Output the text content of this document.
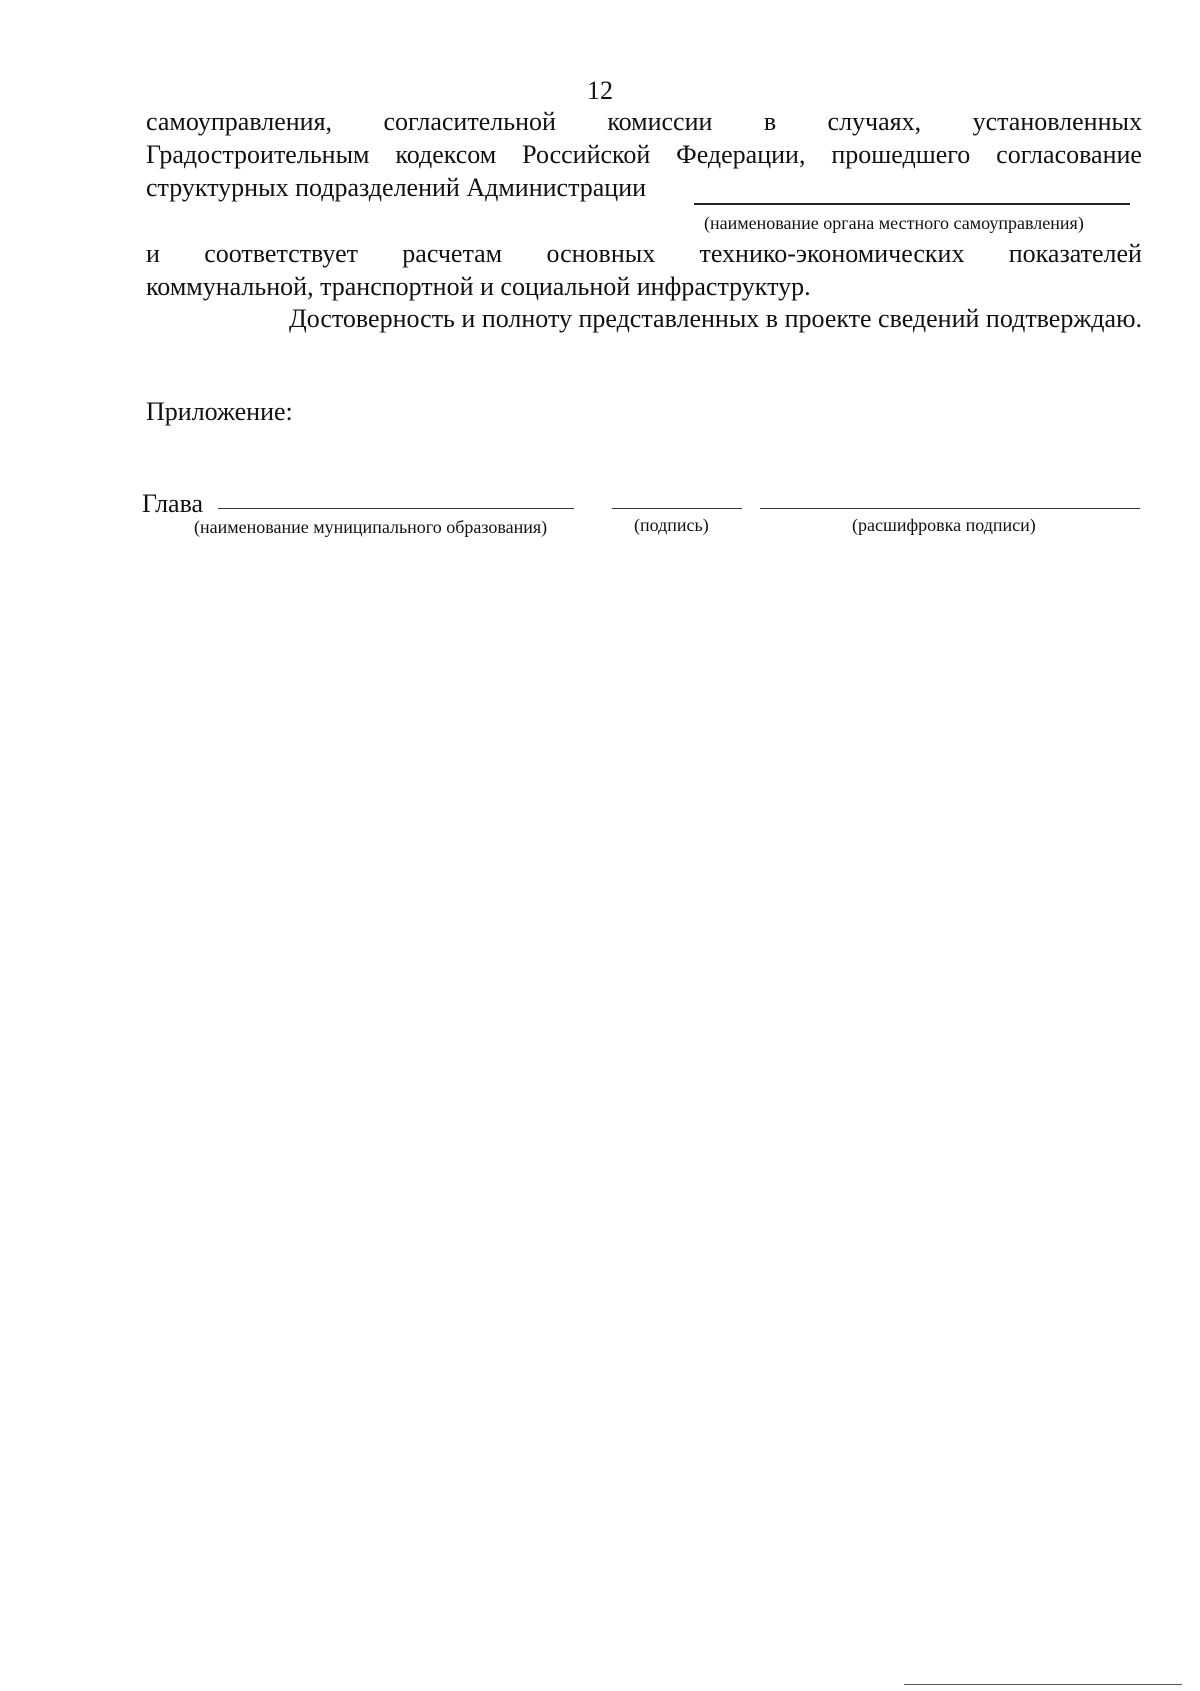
12
самоуправления, согласительной комиссии в случаях, установленных
Градостроительным кодексом Российской Федерации, прошедшего согласование
структурных подразделений Администрации
(наименование органа местного самоуправления)
и соответствует расчетам основных технико-экономических показателей
коммунальной, транспортной и социальной инфраструктур.
Достоверность и полноту представленных в проекте сведений подтверждаю.
Приложение:
Глава
(наименование муниципального образования)	(подпись)	(расшифровка подписи)
